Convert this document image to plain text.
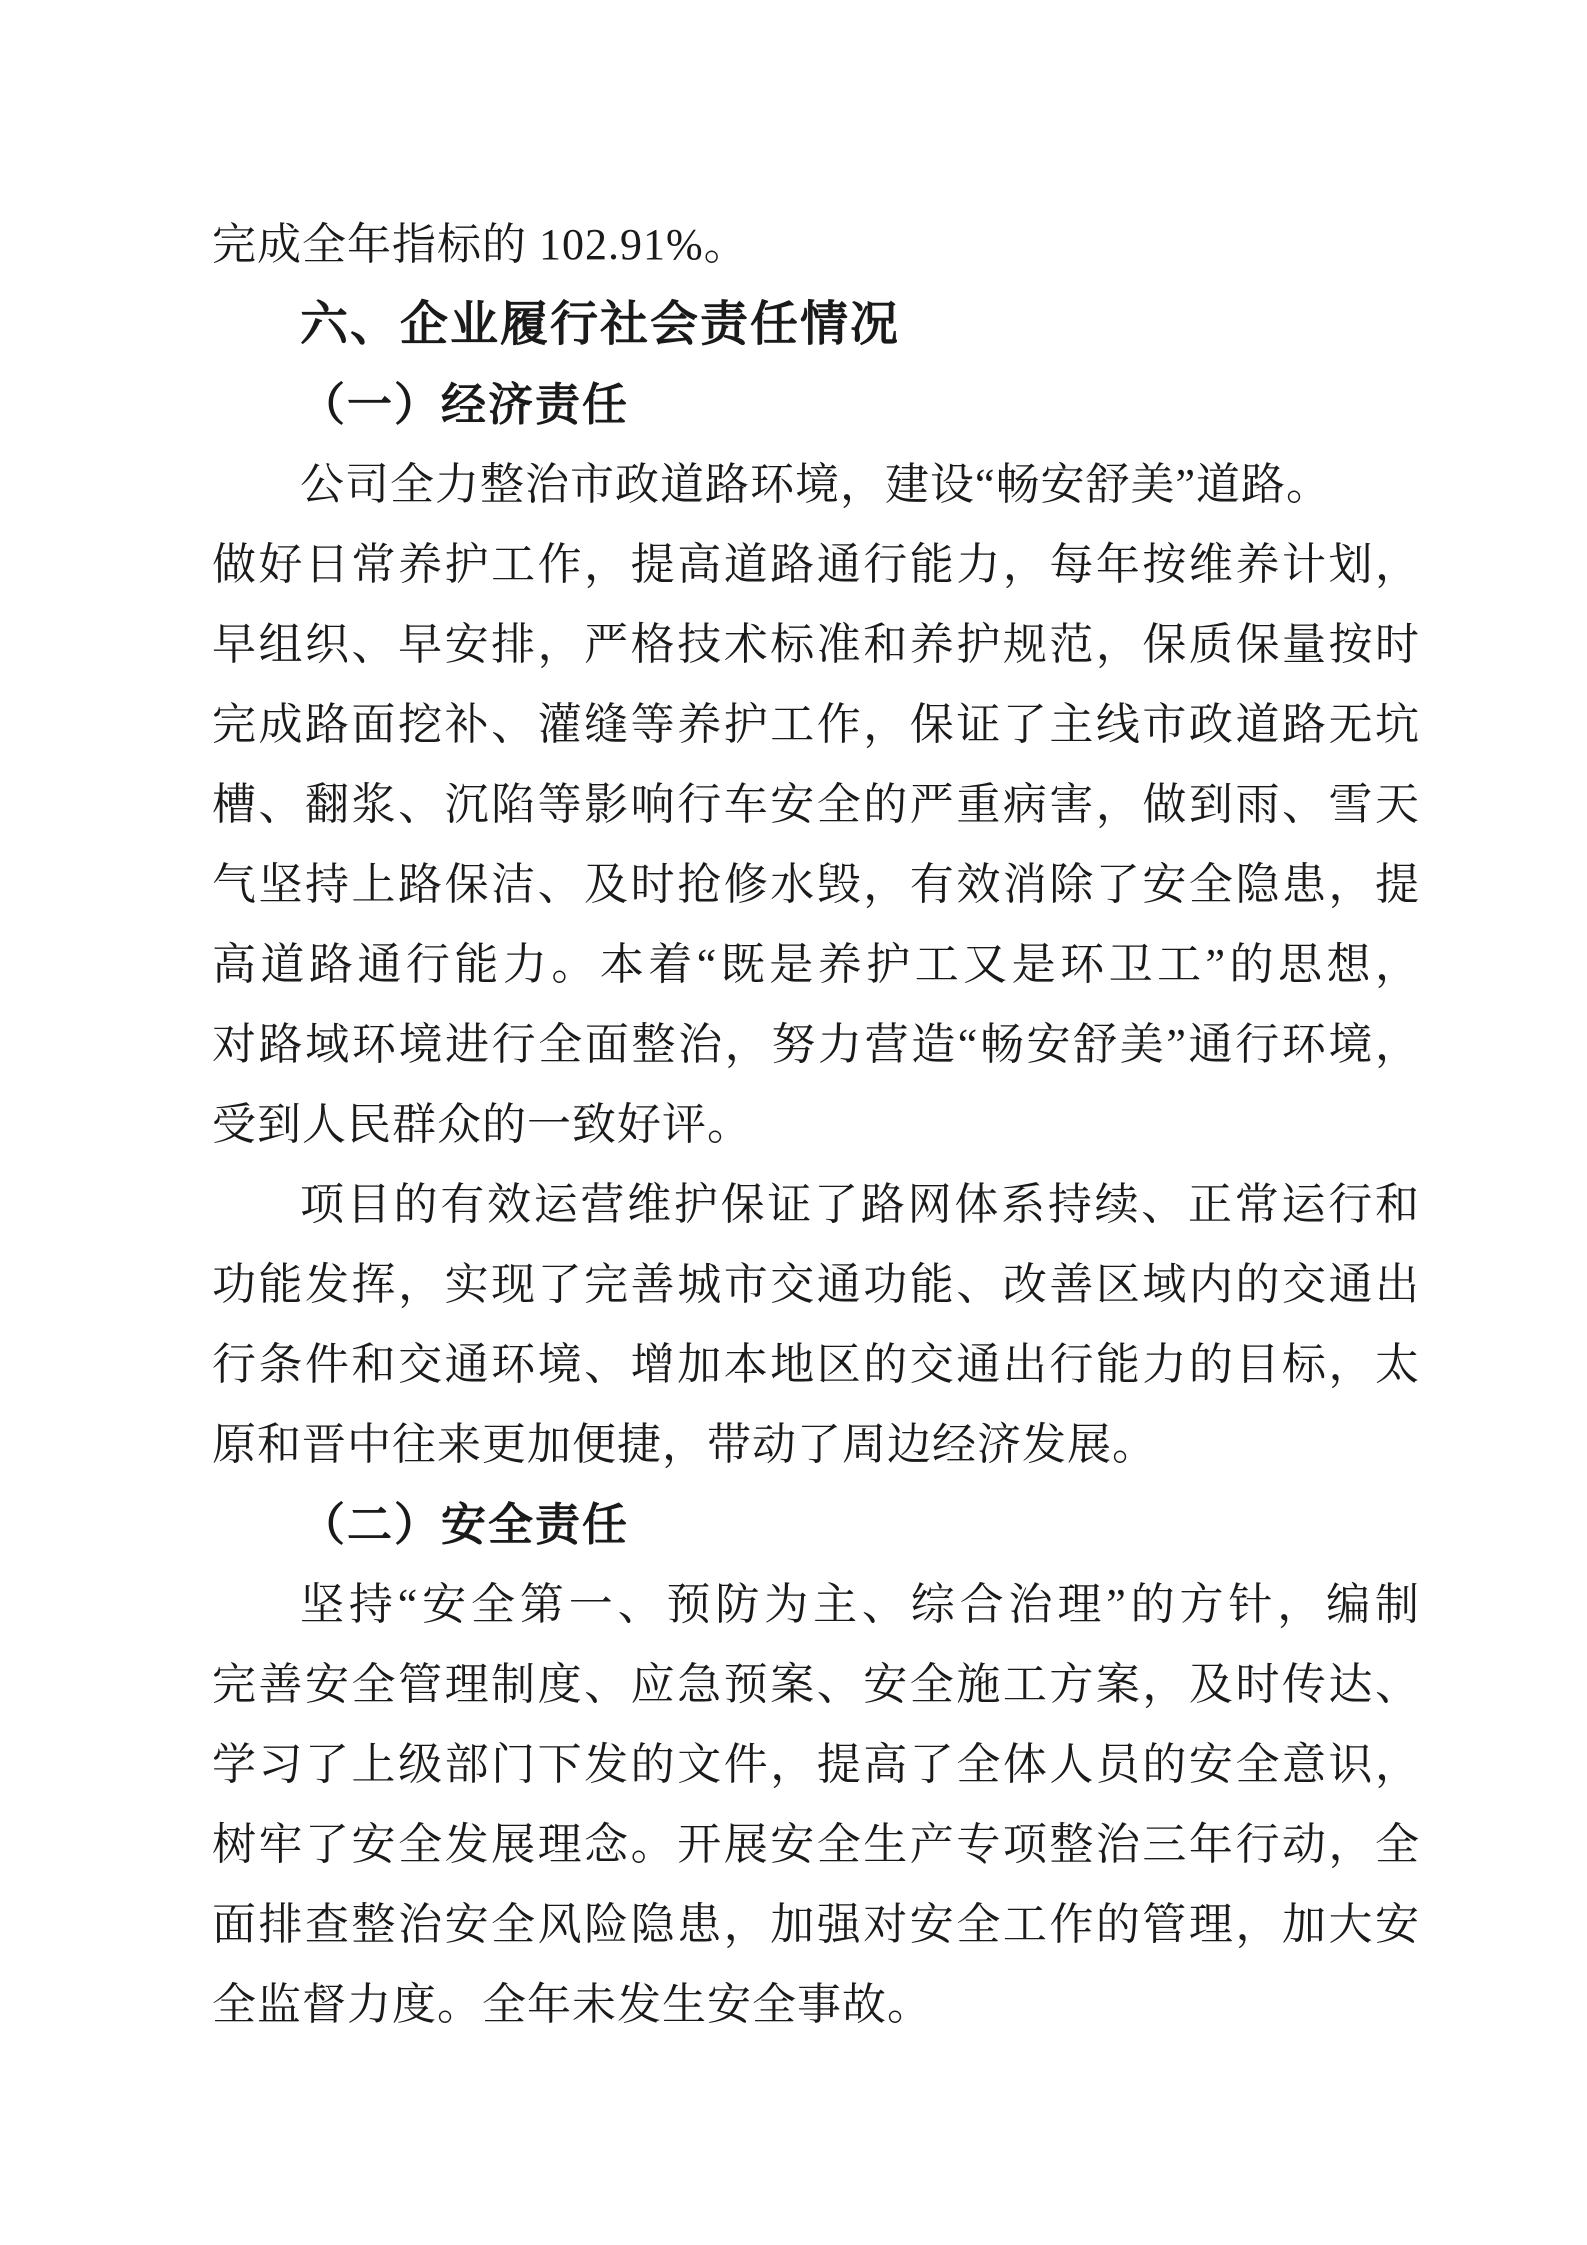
完成全年指标的 102.91%。
六、企业履行社会责任情况
（一）经济责任
公司全力整治市政道路环境，建设“畅安舒美”道路。
做好日常养护工作，提高道路通行能力，每年按维养计划，
早组织、早安排，严格技术标准和养护规范，保质保量按时
完成路面挖补、灌缝等养护工作，保证了主线市政道路无坑
槽、翻浆、沉陷等影响行车安全的严重病害，做到雨、雪天
气坚持上路保洁、及时抢修水毁，有效消除了安全隐患，提
高道路通行能力。本着“既是养护工又是环卫工”的思想，
对路域环境进行全面整治，努力营造“畅安舒美”通行环境，
受到人民群众的一致好评。
项目的有效运营维护保证了路网体系持续、正常运行和
功能发挥，实现了完善城市交通功能、改善区域内的交通出
行条件和交通环境、增加本地区的交通出行能力的目标，太
原和晋中往来更加便捷，带动了周边经济发展。
（二）安全责任
坚持“安全第一、预防为主、综合治理”的方针，编制
完善安全管理制度、应急预案、安全施工方案，及时传达、
学习了上级部门下发的文件，提高了全体人员的安全意识，
树牢了安全发展理念。开展安全生产专项整治三年行动，全
面排查整治安全风险隐患，加强对安全工作的管理，加大安
全监督力度。全年未发生安全事故。
